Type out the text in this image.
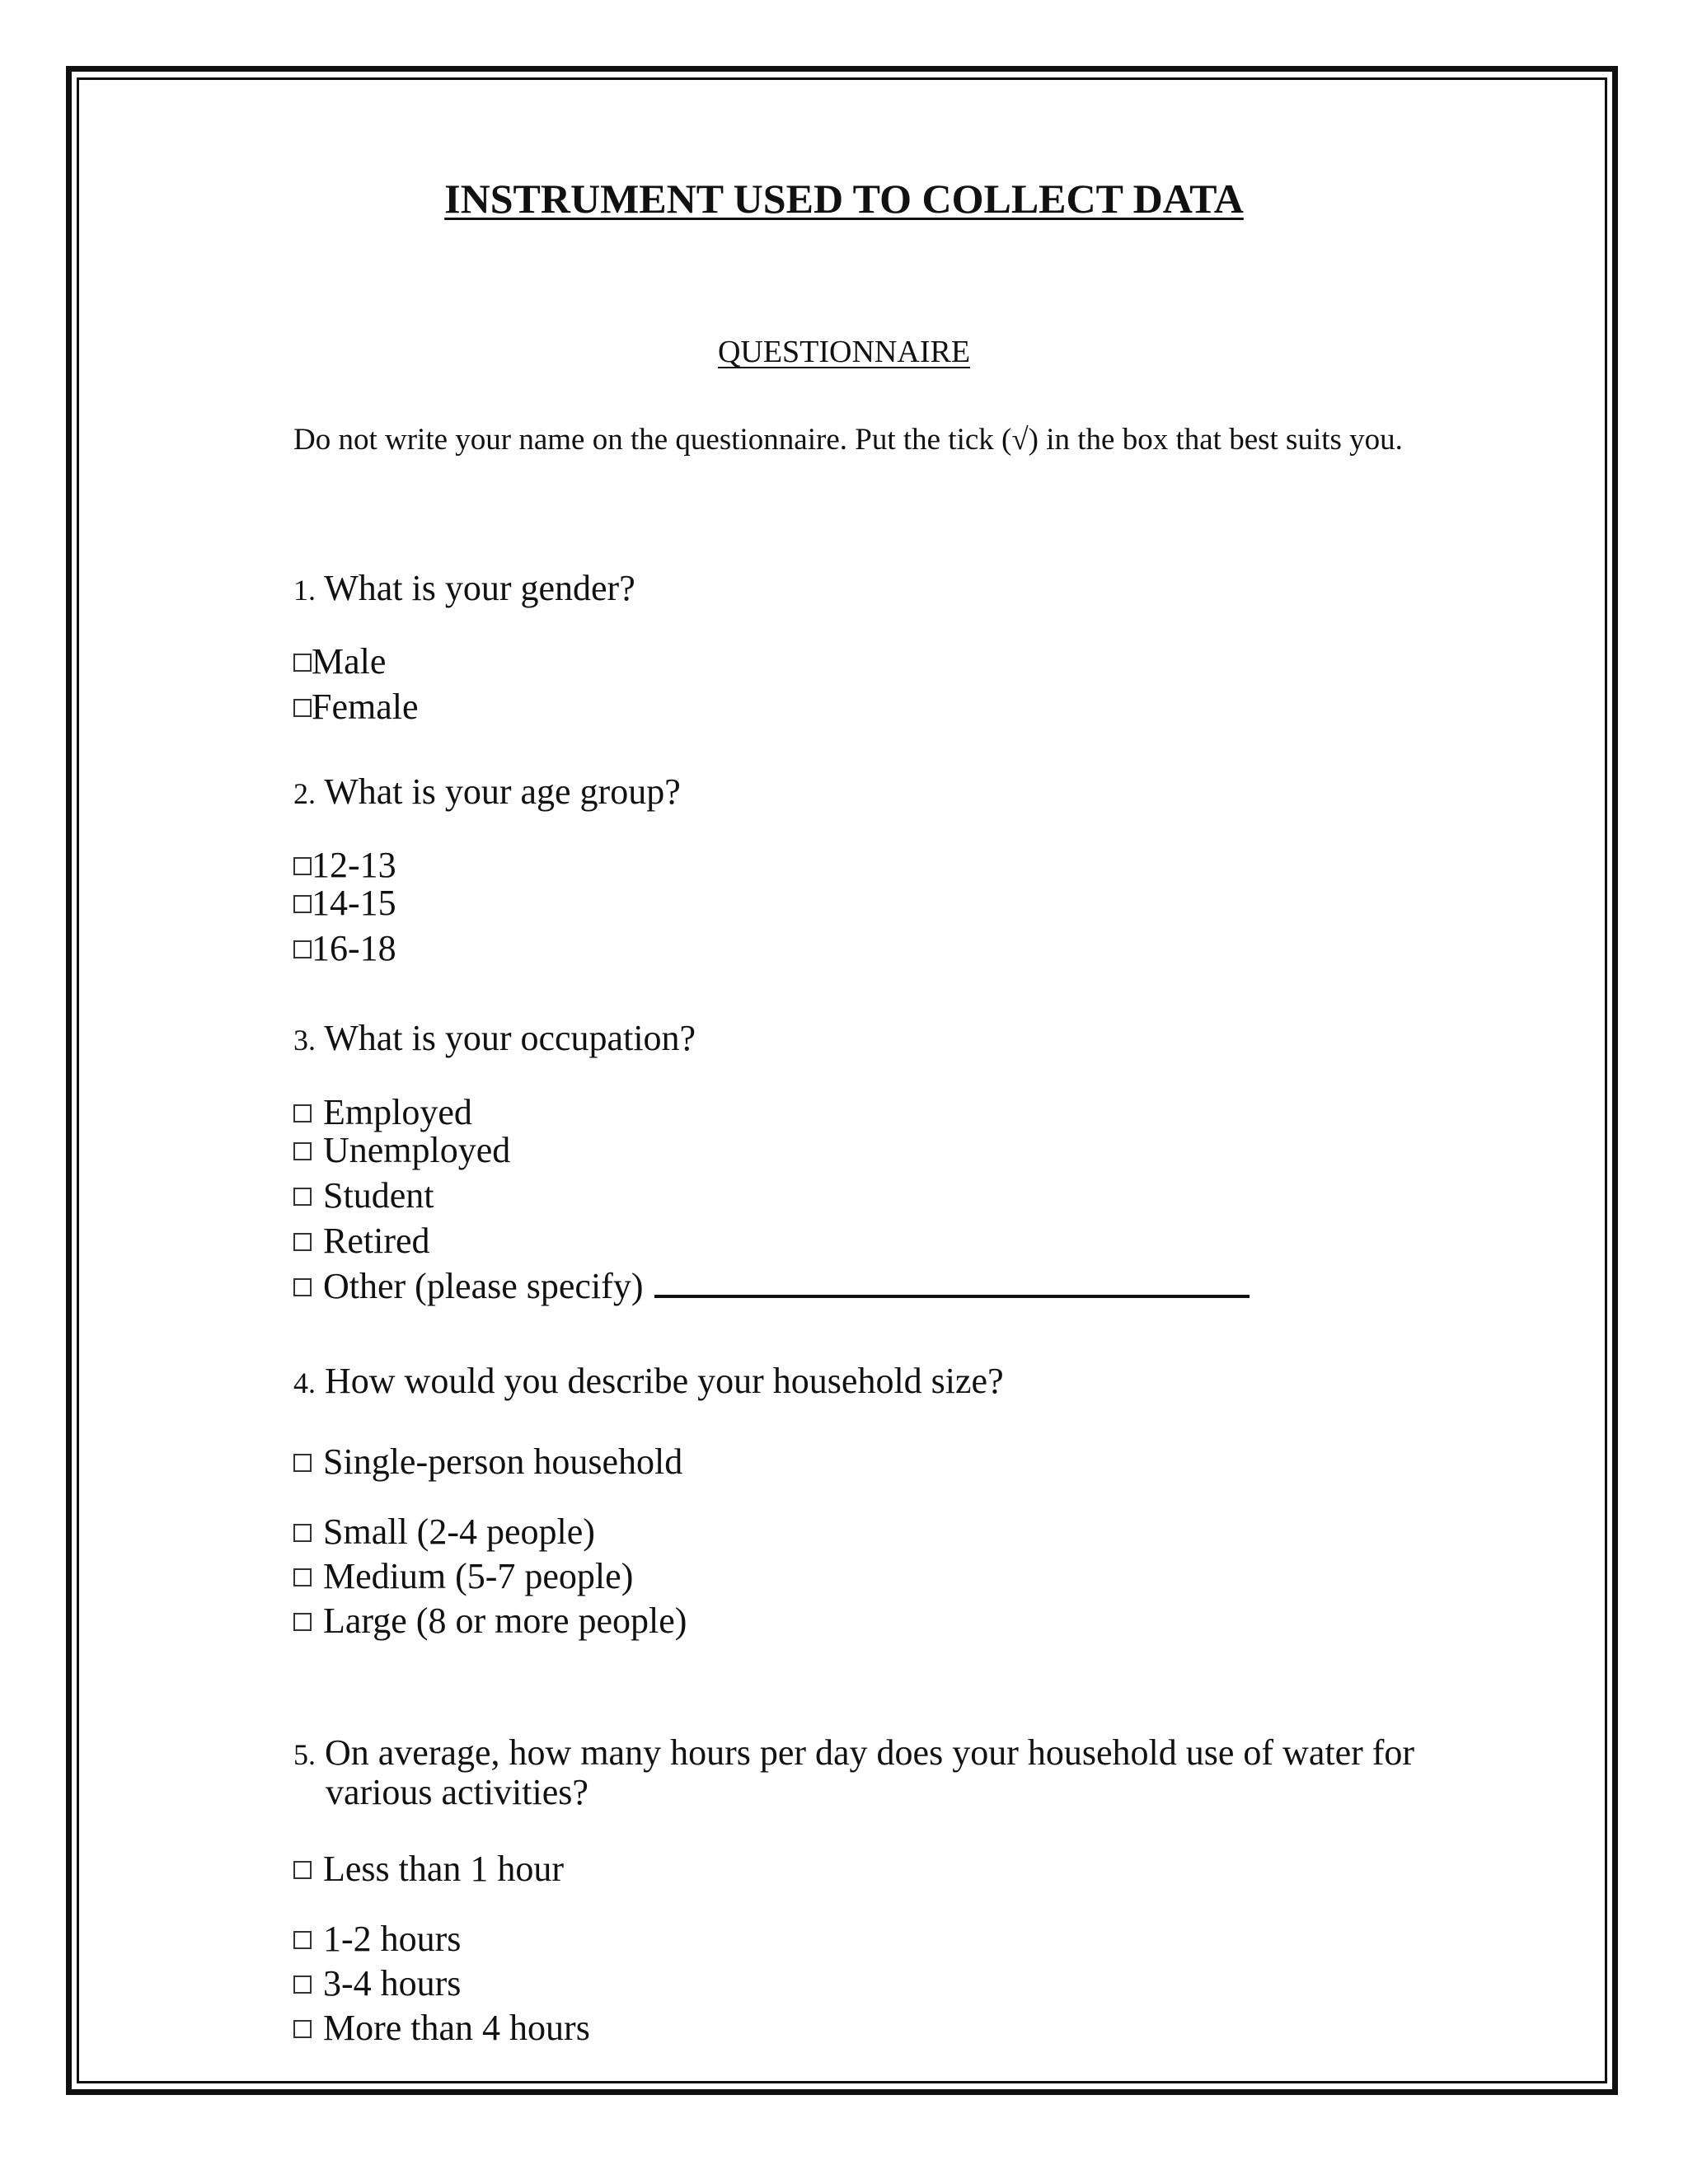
INSTRUMENT USED TO COLLECT DATA
QUESTIONNAIRE
Do not write your name on the questionnaire. Put the tick (√) in the box that best suits you.
1. What is your gender?
Male
Female
2. What is your age group?
12-13
14-15
16-18
3. What is your occupation?
Employed
Unemployed
Student
Retired
Other (please specify)
4. How would you describe your household size?
Single-person household
Small (2-4 people)
Medium (5-7 people)
Large (8 or more people)
5. On average, how many hours per day does your household use of water for
various activities?
Less than 1 hour
1-2 hours
3-4 hours
More than 4 hours
